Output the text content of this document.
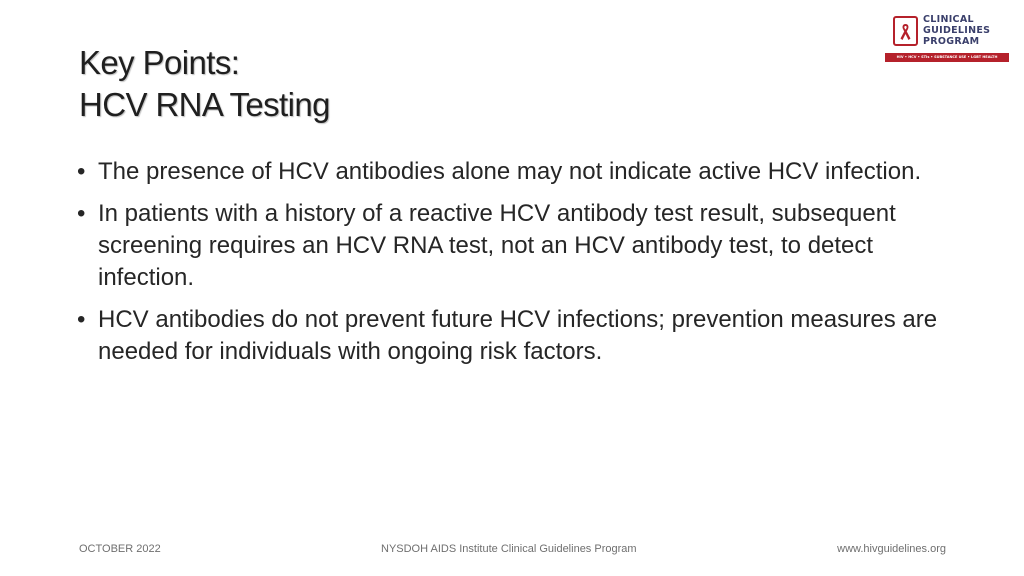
Key Points:
HCV RNA Testing
CLINICAL
GUIDELINES
PROGRAM
HIV • HCV • STIs • SUBSTANCE USE • LGBT HEALTH
• The presence of HCV antibodies alone may not indicate active HCV infection.
• In patients with a history of a reactive HCV antibody test result, subsequent screening requires an HCV RNA test, not an HCV antibody test, to detect infection.
• HCV antibodies do not prevent future HCV infections; prevention measures are needed for individuals with ongoing risk factors.
OCTOBER 2022	NYSDOH AIDS Institute Clinical Guidelines Program	www.hivguidelines.org
